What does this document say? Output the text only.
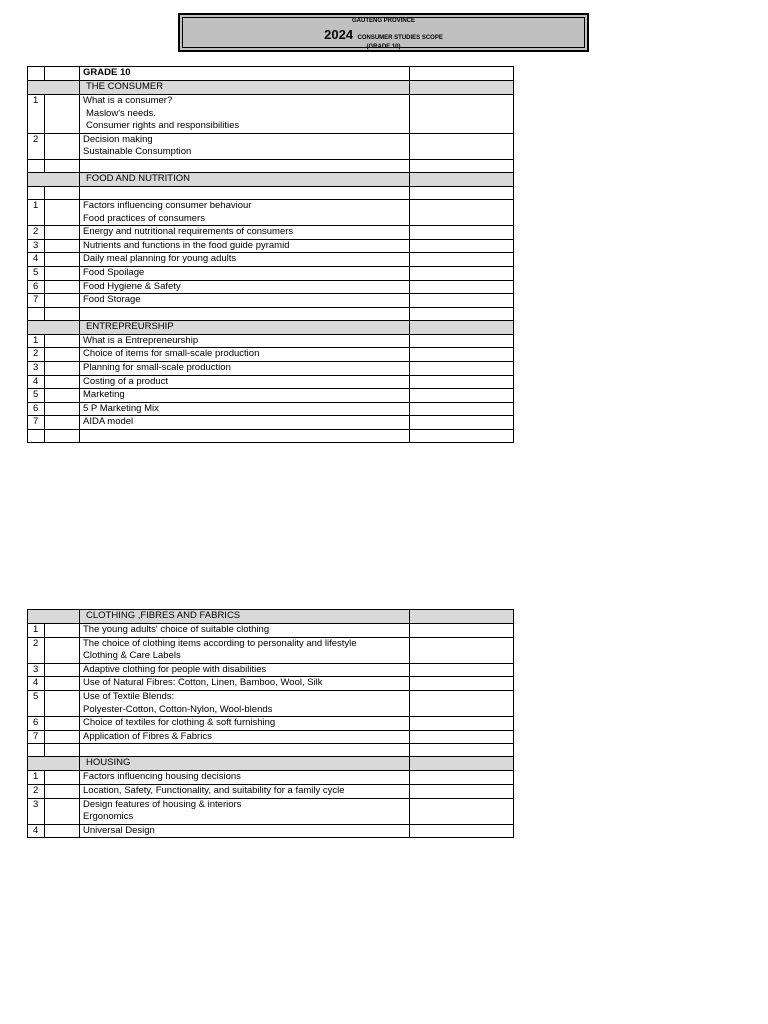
GAUTENG PROVINCE
2024 CONSUMER STUDIES SCOPE
(GRADE 10)
		GRADE 10	
		THE CONSUMER	
1		What is a consumer?
Maslow's needs.
Consumer rights and responsibilities	

2		Decision making
Sustainable Consumption	

		FOOD AND NUTRITION	

1		Factors influencing consumer behaviour
Food practices of consumers	

2		Energy and nutritional requirements of consumers	

3		Nutrients and functions in the food guide pyramid	

4		Daily meal planning for young adults	

5		Food Spoilage	

6		Food Hygiene & Safety	

7		Food Storage	

		ENTREPREURSHIP	
1		What is a Entrepreneurship	

2		Choice of items for small-scale production	

3		Planning for small-scale production	

4		Costing of a product	

5		Marketing	

6		5 P Marketing Mix	

7		AIDA model	

		CLOTHING ,FIBRES AND FABRICS	
1		The young adults' choice of suitable clothing	

2		The choice of clothing items according to personality and lifestyle
Clothing & Care Labels	

3		Adaptive clothing for people with disabilities	

4		Use of Natural Fibres: Cotton, Linen, Bamboo, Wool, Silk	

5		Use of Textile Blends:
Polyester-Cotton, Cotton-Nylon, Wool-blends	

6		Choice of textiles for clothing & soft furnishing	

7		Application of Fibres & Fabrics	

		HOUSING	
1		Factors influencing housing decisions	

2		Location, Safety, Functionality, and suitability for a family cycle	

3		Design features of housing & interiors
Ergonomics	

4		Universal Design	
